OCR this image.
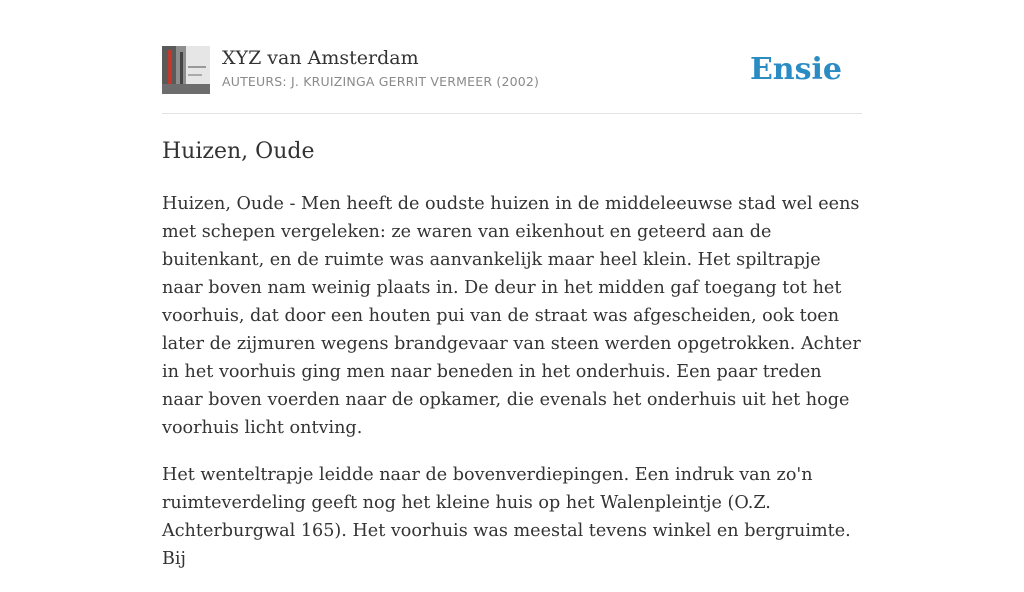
XYZ van Amsterdam
AUTEURS: J. KRUIZINGA GERRIT VERMEER (2002)	Ensie
Huizen, Oude

Huizen, Oude - Men heeft de oudste huizen in de middeleeuwse stad wel eens met schepen vergeleken: ze waren van eikenhout en geteerd aan de buitenkant, en de ruimte was aanvankelijk maar heel klein. Het spiltrapje naar boven nam weinig plaats in. De deur in het midden gaf toegang tot het voorhuis, dat door een houten pui van de straat was afgescheiden, ook toen later de zijmuren wegens brandgevaar van steen werden opgetrokken. Achter in het voorhuis ging men naar beneden in het onderhuis. Een paar treden naar boven voerden naar de opkamer, die evenals het onderhuis uit het hoge voorhuis licht ontving.

Het wenteltrapje leidde naar de bovenverdiepingen. Een indruk van zo'n ruimteverdeling geeft nog het kleine huis op het Walenpleintje (O.Z. Achterburgwal 165). Het voorhuis was meestal tevens winkel en bergruimte. Bij
